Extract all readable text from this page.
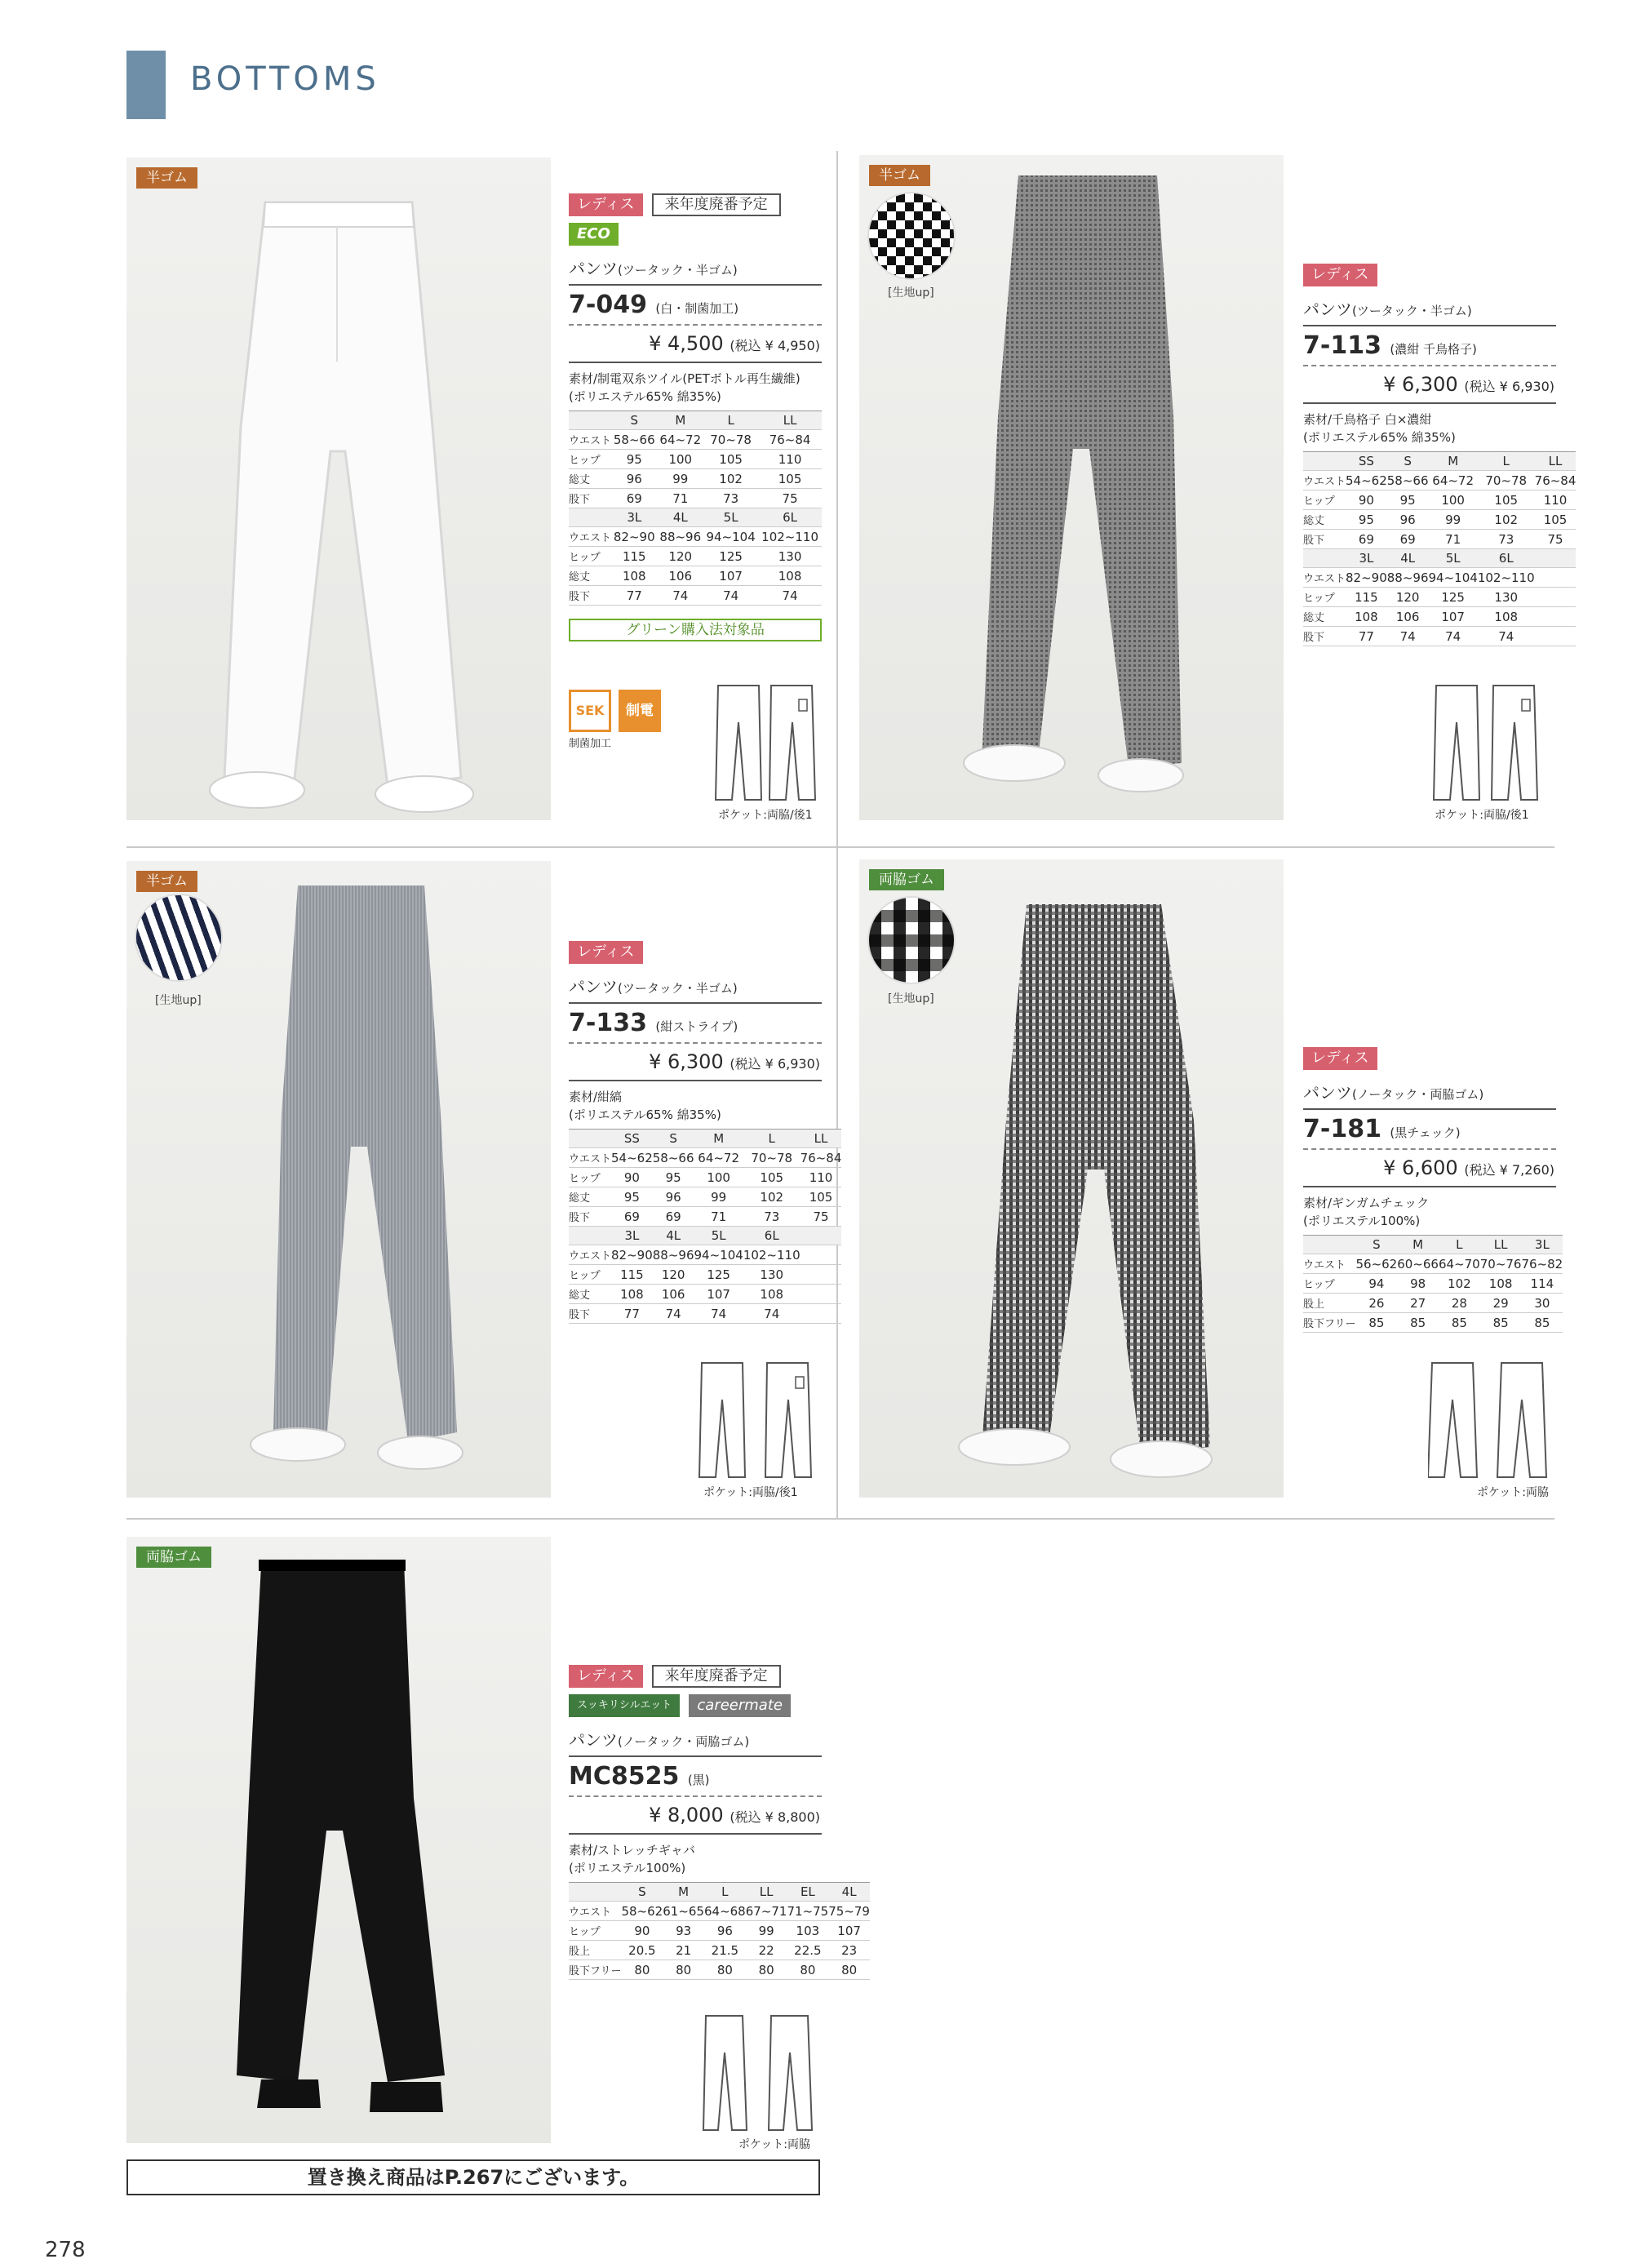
BOTTOMS
半ゴム
レディス 来年度廃番予定
ECO
パンツ(ツータック・半ゴム)
7-049 (白・制菌加工)
¥ 4,500 (税込 ¥ 4,950)
素材/制電双糸ツイル(PETボトル再生繊維)
(ポリエステル65% 綿35%)
	S	M	L	LL
ウエスト	58~66	64~72	70~78	76~84
ヒップ	95	100	105	110
総丈	96	99	102	105
股下	69	71	73	75
	3L	4L	5L	6L
ウエスト	82~90	88~96	94~104	102~110
ヒップ	115	120	125	130
総丈	108	106	107	108
股下	77	74	74	74
グリーン購入法対象品
SEK	制電
制菌加工
ポケット:両脇/後1
半ゴム
[生地up]
レディス
パンツ(ツータック・半ゴム)
7-113 (濃紺 千鳥格子)
¥ 6,300 (税込 ¥ 6,930)
素材/千鳥格子 白×濃紺
(ポリエステル65% 綿35%)
	SS	S	M	L	LL
ウエスト	54~62	58~66	64~72	70~78	76~84
ヒップ	90	95	100	105	110
総丈	95	96	99	102	105
股下	69	69	71	73	75
	3L	4L	5L	6L	
ウエスト	82~90	88~96	94~104	102~110	
ヒップ	115	120	125	130	
総丈	108	106	107	108	
股下	77	74	74	74	
ポケット:両脇/後1
半ゴム
[生地up]
レディス
パンツ(ツータック・半ゴム)
7-133 (紺ストライプ)
¥ 6,300 (税込 ¥ 6,930)
素材/紺縞
(ポリエステル65% 綿35%)
	SS	S	M	L	LL
ウエスト	54~62	58~66	64~72	70~78	76~84
ヒップ	90	95	100	105	110
総丈	95	96	99	102	105
股下	69	69	71	73	75
	3L	4L	5L	6L	
ウエスト	82~90	88~96	94~104	102~110	
ヒップ	115	120	125	130	
総丈	108	106	107	108	
股下	77	74	74	74	
ポケット:両脇/後1
両脇ゴム
[生地up]
レディス
パンツ(ノータック・両脇ゴム)
7-181 (黒チェック)
¥ 6,600 (税込 ¥ 7,260)
素材/ギンガムチェック
(ポリエステル100%)
	S	M	L	LL	3L
ウエスト	56~62	60~66	64~70	70~76	76~82
ヒップ	94	98	102	108	114
股上	26	27	28	29	30
股下フリー	85	85	85	85	85
ポケット:両脇
両脇ゴム
レディス 来年度廃番予定
スッキリシルエット careermate
パンツ(ノータック・両脇ゴム)
MC8525 (黒)
¥ 8,000 (税込 ¥ 8,800)
素材/ストレッチギャバ
(ポリエステル100%)
	S	M	L	LL	EL	4L
ウエスト	58~62	61~65	64~68	67~71	71~75	75~79
ヒップ	90	93	96	99	103	107
股上	20.5	21	21.5	22	22.5	23
股下フリー	80	80	80	80	80	80
ポケット:両脇
置き換え商品はP.267にございます。
278
